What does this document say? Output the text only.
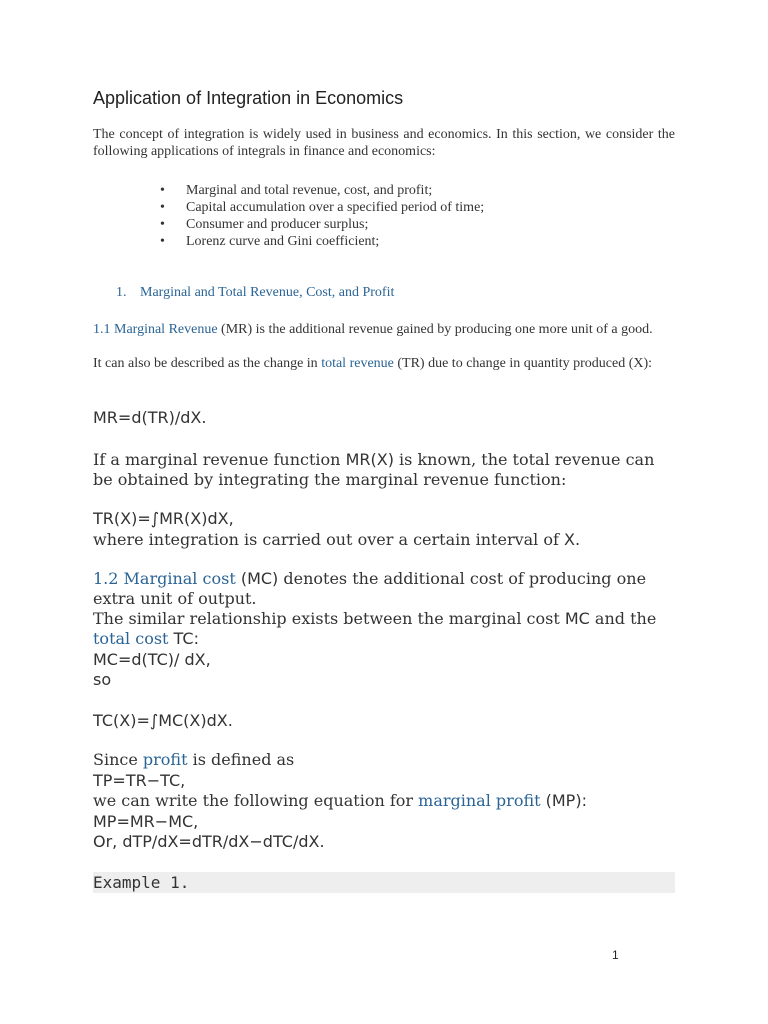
Application of Integration in Economics

The concept of integration is widely used in business and economics. In this section, we consider the following applications of integrals in finance and economics:

• Marginal and total revenue, cost, and profit;
• Capital accumulation over a specified period of time;
• Consumer and producer surplus;
• Lorenz curve and Gini coefficient;

1. Marginal and Total Revenue, Cost, and Profit

1.1 Marginal Revenue (MR) is the additional revenue gained by producing one more unit of a good.

It can also be described as the change in total revenue (TR) due to change in quantity produced (X):

MR=d(TR)/dX.

If a marginal revenue function MR(X) is known, the total revenue can be obtained by integrating the marginal revenue function:

TR(X)=∫MR(X)dX,

where integration is carried out over a certain interval of X.

1.2 Marginal cost (MC) denotes the additional cost of producing one extra unit of output.

The similar relationship exists between the marginal cost MC and the total cost TC:

MC=d(TC)/ dX,

so

TC(X)=∫MC(X)dX.

Since profit is defined as

TP=TR−TC,

we can write the following equation for marginal profit (MP):

MP=MR−MC,

Or, dTP/dX=dTR/dX−dTC/dX.

Example 1.

1
